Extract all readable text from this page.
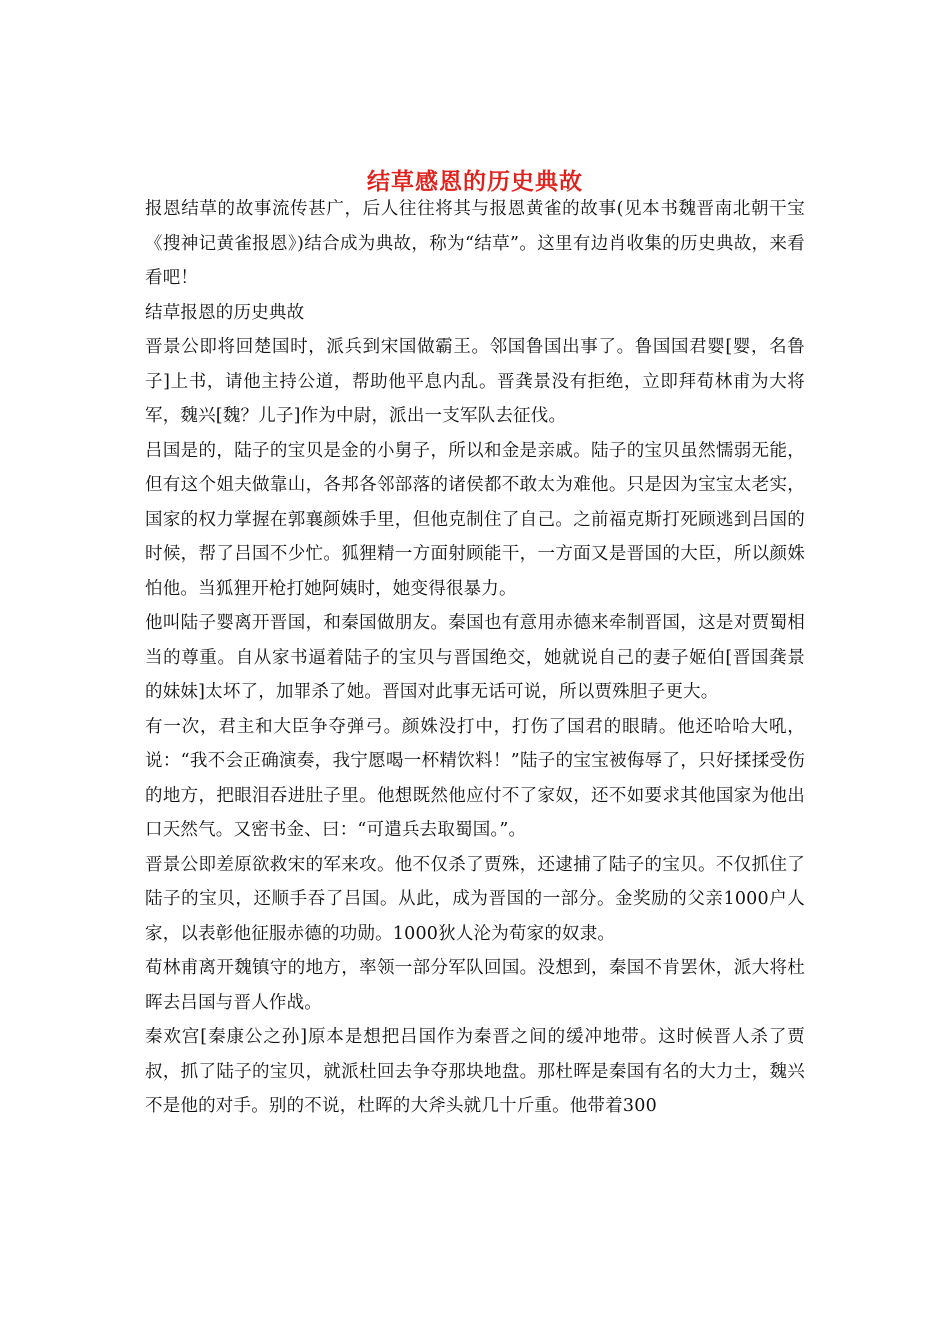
结草感恩的历史典故

报恩结草的故事流传甚广，后人往往将其与报恩黄雀的故事(见本书魏晋南北朝干宝《搜神记黄雀报恩》)结合成为典故，称为“结草”。这里有边肖收集的历史典故，来看看吧！

结草报恩的历史典故

晋景公即将回楚国时，派兵到宋国做霸王。邻国鲁国出事了。鲁国国君婴[婴，名鲁子]上书，请他主持公道，帮助他平息内乱。晋龚景没有拒绝，立即拜荀林甫为大将军，魏兴[魏？儿子]作为中尉，派出一支军队去征伐。

吕国是的，陆子的宝贝是金的小舅子，所以和金是亲戚。陆子的宝贝虽然懦弱无能，但有这个姐夫做靠山，各邦各邻部落的诸侯都不敢太为难他。只是因为宝宝太老实，国家的权力掌握在郭襄颜姝手里，但他克制住了自己。之前福克斯打死顾逃到吕国的时候，帮了吕国不少忙。狐狸精一方面射顾能干，一方面又是晋国的大臣，所以颜姝怕他。当狐狸开枪打她阿姨时，她变得很暴力。

他叫陆子婴离开晋国，和秦国做朋友。秦国也有意用赤德来牵制晋国，这是对贾蜀相当的尊重。自从家书逼着陆子的宝贝与晋国绝交，她就说自己的妻子姬伯[晋国龚景的妹妹]太坏了，加罪杀了她。晋国对此事无话可说，所以贾殊胆子更大。

有一次，君主和大臣争夺弹弓。颜姝没打中，打伤了国君的眼睛。他还哈哈大吼，说：“我不会正确演奏，我宁愿喝一杯精饮料！”陆子的宝宝被侮辱了，只好揉揉受伤的地方，把眼泪吞进肚子里。他想既然他应付不了家奴，还不如要求其他国家为他出口天然气。又密书金、曰：“可遣兵去取蜀国。”。

晋景公即差原欲救宋的军来攻。他不仅杀了贾殊，还逮捕了陆子的宝贝。不仅抓住了陆子的宝贝，还顺手吞了吕国。从此，成为晋国的一部分。金奖励的父亲1000户人家，以表彰他征服赤德的功勋。1000狄人沦为荀家的奴隶。

荀林甫离开魏镇守的地方，率领一部分军队回国。没想到，秦国不肯罢休，派大将杜晖去吕国与晋人作战。

秦欢宫[秦康公之孙]原本是想把吕国作为秦晋之间的缓冲地带。这时候晋人杀了贾叔，抓了陆子的宝贝，就派杜回去争夺那块地盘。那杜晖是秦国有名的大力士，魏兴不是他的对手。别的不说，杜晖的大斧头就几十斤重。他带着300
